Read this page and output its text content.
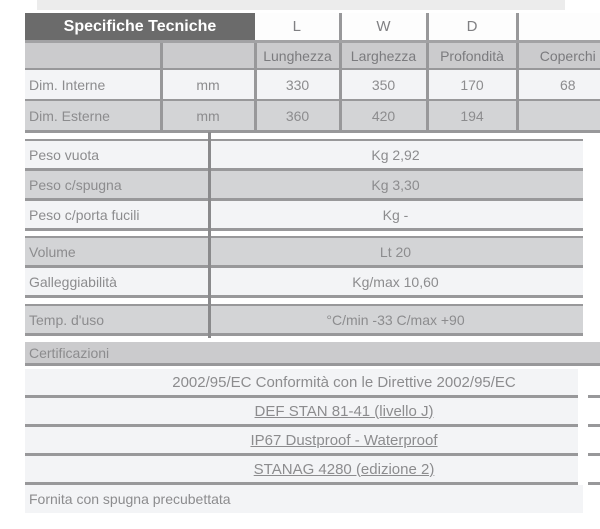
Specifiche Tecniche		L	W	D	
		Lunghezza	Larghezza	Profondità	Coperchi
Dim. Interne	mm	330	350	170	68
Dim. Esterne	mm	360	420	194	
Peso vuota	Kg 2,92
Peso c/spugna	Kg 3,30
Peso c/porta fucili	Kg -
Volume	Lt 20
Galleggiabilità	Kg/max 10,60
Temp. d'uso	°C/min -33 C/max +90
Certificazioni
2002/95/EC Conformità con le Direttive 2002/95/EC
DEF STAN 81-41 (livello J)
IP67 Dustproof - Waterproof
STANAG 4280 (edizione 2)
Fornita con spugna precubettata
